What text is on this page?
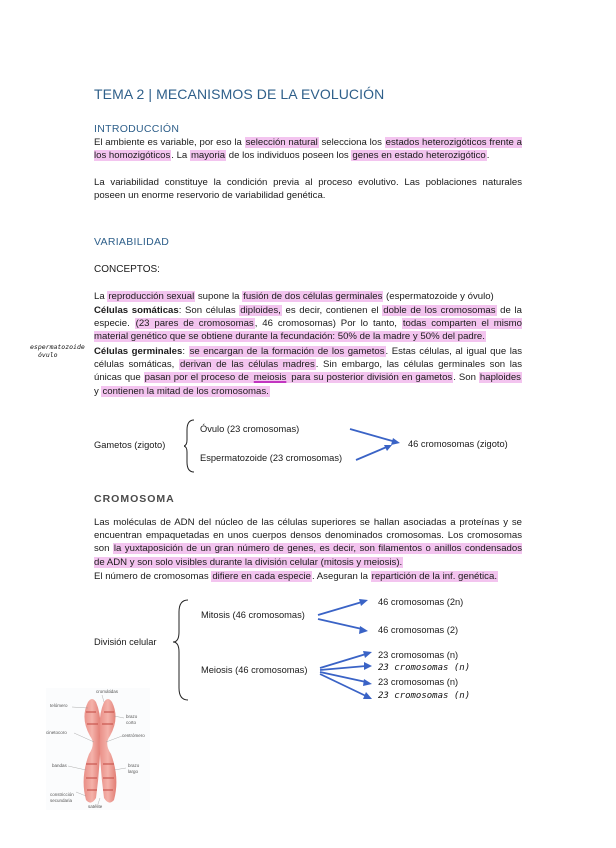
TEMA 2 | MECANISMOS DE LA EVOLUCIÓN
INTRODUCCIÓN
El ambiente es variable, por eso la selección natural selecciona los estados heterozigóticos frente a los homozigóticos. La mayoria de los individuos poseen los genes en estado heterozigótico.
La variabilidad constituye la condición previa al proceso evolutivo. Las poblaciones naturales poseen un enorme reservorio de variabilidad genética.
VARIABILIDAD
CONCEPTOS:
La reproducción sexual supone la fusión de dos células germinales (espermatozoide y óvulo)
Células somáticas: Son células diploides, es decir, contienen el doble de los cromosomas de la especie. (23 pares de cromosomas, 46 cromosomas) Por lo tanto, todas comparten el mismo material genético que se obtiene durante la fecundación: 50% de la madre y 50% del padre.
Células germinales: se encargan de la formación de los gametos. Estas células, al igual que las células somáticas, derivan de las células madres. Sin embargo, las células germinales son las únicas que pasan por el proceso de meiosis para su posterior división en gametos. Son haploides y contienen la mitad de los cromosomas.
espermatozoide
óvulo
Gametos (zigoto)
Óvulo (23 cromosomas)
Espermatozoide (23 cromosomas)
46 cromosomas (zigoto)
CROMOSOMA
Las moléculas de ADN del núcleo de las células superiores se hallan asociadas a proteínas y se encuentran empaquetadas en unos cuerpos densos denominados cromosomas. Los cromosomas son la yuxtaposición de un gran número de genes, es decir, son filamentos o anillos condensados de ADN y son solo visibles durante la división celular (mitosis y meiosis).
El número de cromosomas difiere en cada especie. Aseguran la repartición de la inf. genética.
División celular
Mitosis (46 cromosomas)
Meiosis (46 cromosomas)
46 cromosomas (2n)
46 cromosomas (2)
23 cromosomas (n)
23 cromosomas (n)
23 cromosomas (n)
23 cromosomas (n)
cromátidas
telómero
brazo
corto
cinetocoro
centrómero
brazo
largo
bandas
constricción
secundaria
satélite
